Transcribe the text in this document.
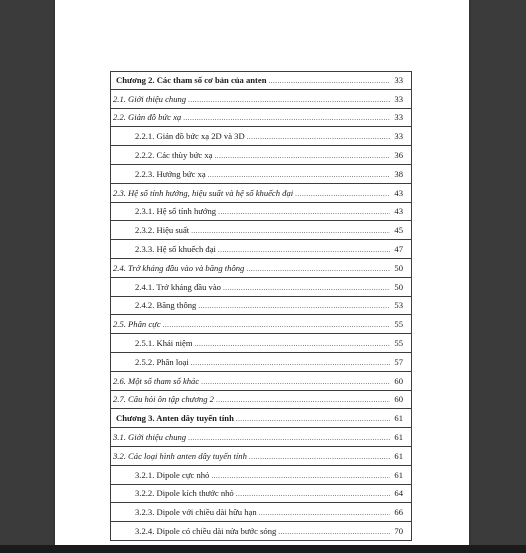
Chương 2. Các tham số cơ bản của anten .....	33
2.1. Giới thiệu chung .....	33
2.2. Giản đồ bức xạ .....	33
2.2.1. Giản đồ bức xạ 2D và 3D .....	33
2.2.2. Các thùy bức xạ .....	36
2.2.3. Hướng bức xạ .....	38
2.3. Hệ số tính hướng, hiệu suất và hệ số khuếch đại .....	43
2.3.1. Hệ số tính hướng .....	43
2.3.2. Hiệu suất .....	45
2.3.3. Hệ số khuếch đại .....	47
2.4. Trở kháng đầu vào và băng thông .....	50
2.4.1. Trở kháng đầu vào .....	50
2.4.2. Băng thông .....	53
2.5. Phân cực .....	55
2.5.1. Khái niệm .....	55
2.5.2. Phân loại .....	57
2.6. Một số tham số khác .....	60
2.7. Câu hỏi ôn tập chương 2 .....	60
Chương 3. Anten dây tuyến tính .....	61
3.1. Giới thiệu chung .....	61
3.2. Các loại hình anten dây tuyến tính .....	61
3.2.1. Dipole cực nhỏ .....	61
3.2.2. Dipole kích thước nhỏ .....	64
3.2.3. Dipole với chiều dài hữu hạn .....	66
3.2.4. Dipole có chiều dài nửa bước sóng .....	70
